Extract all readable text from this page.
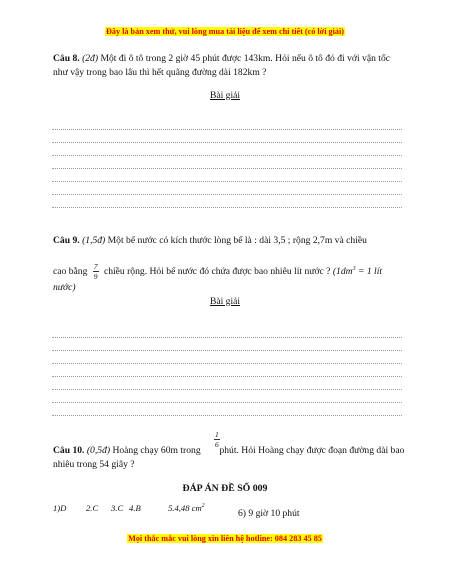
Đây là bản xem thử, vui lòng mua tài liệu để xem chi tiết (có lời giải)
Câu 8. (2đ) Một đi ô tô trong 2 giờ 45 phút được 143km. Hỏi nếu ô tô đó đi với vận tốc như vậy trong bao lâu thì hết quãng đường dài 182km ?
Bài giải
Câu 9. (1,5đ) Một bể nước có kích thước lòng bể là : dài 3,5 ; rộng 2,7m và chiều
cao bằng $\frac{7}{9}$ chiều rộng. Hỏi bể nước đó chứa được bao nhiêu lít nước ? ($1dm^3 = 1$ lít nước)
Bài giải
Câu 10. (0,5đ) Hoàng chạy 60m trong phút. Hỏi Hoàng chạy được đoạn đường dài bao nhiêu trong 54 giây ?
$\frac{1}{6}$
ĐÁP ÁN ĐỀ SỐ 009
1)D 2.C 3.C 4.B	5.4,48 $cm^2$
6) 9 giờ 10 phút
Mọi thắc mắc vui lòng xin liên hệ hotline: 084 283 45 85
